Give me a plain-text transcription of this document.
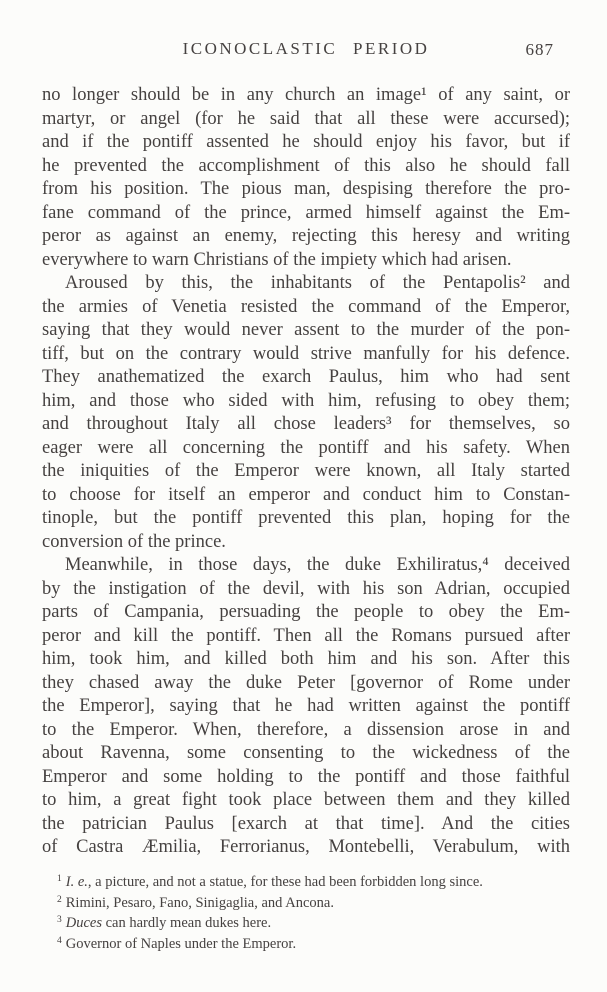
ICONOCLASTIC PERIOD	687
no longer should be in any church an image¹ of any saint, or
martyr, or angel (for he said that all these were accursed);
and if the pontiff assented he should enjoy his favor, but if
he prevented the accomplishment of this also he should fall
from his position. The pious man, despising therefore the pro-
fane command of the prince, armed himself against the Em-
peror as against an enemy, rejecting this heresy and writing
everywhere to warn Christians of the impiety which had arisen.
Aroused by this, the inhabitants of the Pentapolis² and
the armies of Venetia resisted the command of the Emperor,
saying that they would never assent to the murder of the pon-
tiff, but on the contrary would strive manfully for his defence.
They anathematized the exarch Paulus, him who had sent
him, and those who sided with him, refusing to obey them;
and throughout Italy all chose leaders³ for themselves, so
eager were all concerning the pontiff and his safety. When
the iniquities of the Emperor were known, all Italy started
to choose for itself an emperor and conduct him to Constan-
tinople, but the pontiff prevented this plan, hoping for the
conversion of the prince.
Meanwhile, in those days, the duke Exhiliratus,⁴ deceived
by the instigation of the devil, with his son Adrian, occupied
parts of Campania, persuading the people to obey the Em-
peror and kill the pontiff. Then all the Romans pursued after
him, took him, and killed both him and his son. After this
they chased away the duke Peter [governor of Rome under
the Emperor], saying that he had written against the pontiff
to the Emperor. When, therefore, a dissension arose in and
about Ravenna, some consenting to the wickedness of the
Emperor and some holding to the pontiff and those faithful
to him, a great fight took place between them and they killed
the patrician Paulus [exarch at that time]. And the cities
of Castra Æmilia, Ferrorianus, Montebelli, Verabulum, with
1 I. e., a picture, and not a statue, for these had been forbidden long since.
2 Rimini, Pesaro, Fano, Sinigaglia, and Ancona.
3 Duces can hardly mean dukes here.
4 Governor of Naples under the Emperor.
